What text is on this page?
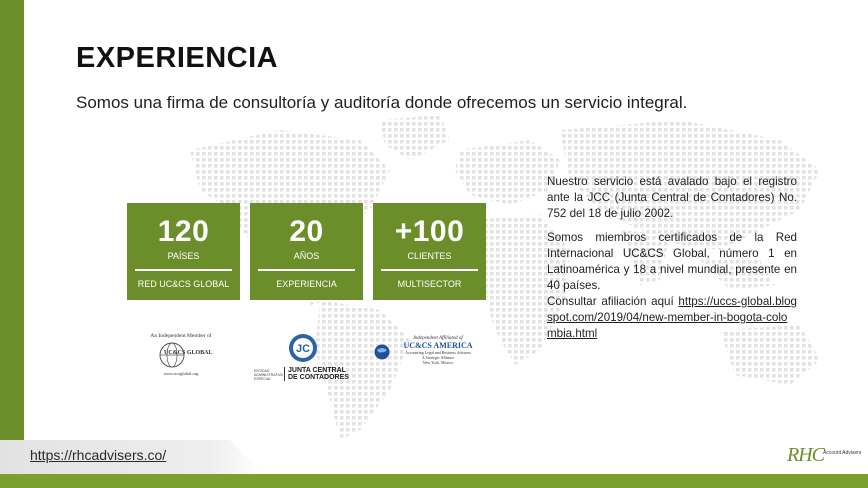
EXPERIENCIA

Somos una firma de consultoría y auditoría donde ofrecemos un servicio integral.

120
PAÍSES
RED UC&CS GLOBAL
20
AÑOS
EXPERIENCIA
+100
CLIENTES
MULTISECTOR
An Independent Member of
UC&CS GLOBAL
www.ucsglobal.org
JC
ENTIDAD ADMINISTRATIVA ESPECIAL
JUNTA CENTRAL
DE CONTADORES
Independent Affiliated of
UC&CS AMERICA
Accounting Legal and Business Advisers
A Strategic Alliance
New York, Mexico

Nuestro servicio está avalado bajo el registro ante la JCC (Junta Central de Contadores) No. 752 del 18 de julio 2002.

Somos miembros certificados de la Red Internacional UC&CS Global, número 1 en Latinoamérica y 18 a nivel mundial, presente en 40 países.

Consultar afiliación aquí https://uccs-global.blogspot.com/2019/04/new-member-in-bogota-colombia.html

https://rhcadvisers.co/	RHC Account Advisers
